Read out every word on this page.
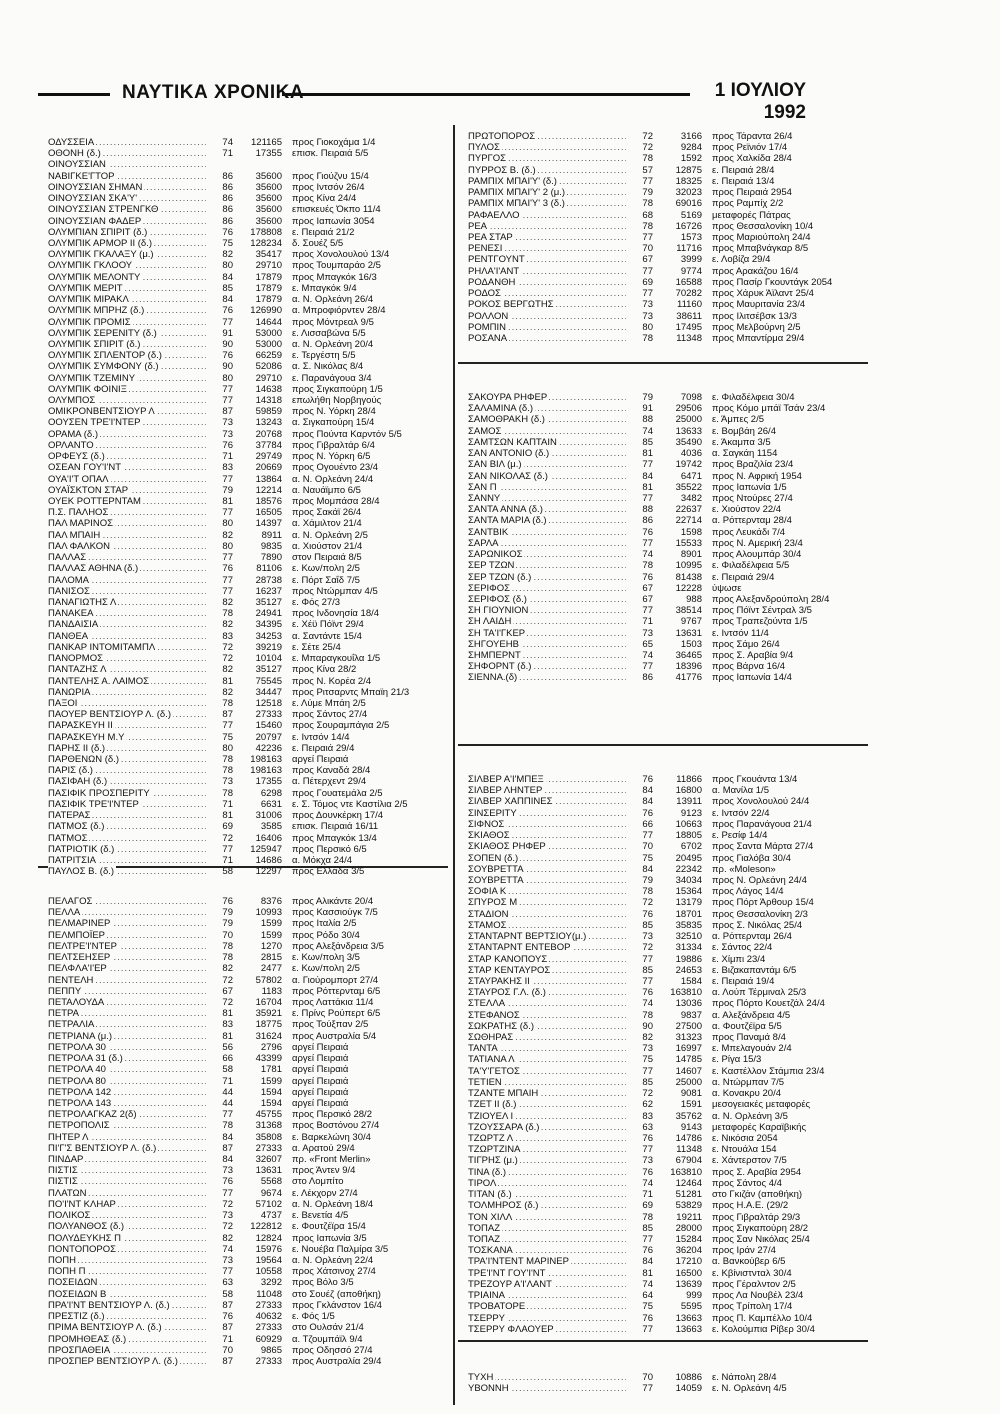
ΝΑΥΤΙΚΑ ΧΡΟΝΙΚΑ	1 ΙΟΥΛΙΟΥ 1992
ΟΔΥΣΣΕΙΑ .....	74	121165 προς Γιοκοχάμα 1/4
ΟΘΟΝΗ (δ.) .....	71	17355 επισκ. Πειραιά 5/5
ΟΙΝΟΥΣΣΙΑΝ .....
ΝΑΒΙΓΚΕ'ΓΤΟΡ .....	86	35600 προς Γιούζνυ 15/4
ΟΙΝΟΥΣΣΙΑΝ ΣΗΜΑΝ .....	86	35600 προς Ιντσόν 26/4
ΟΙΝΟΥΣΣΙΑΝ ΣΚΑ'Υ' .....	86	35600 προς Κίνα 24/4
ΟΙΝΟΥΣΣΙΑΝ ΣΤΡΕΝΓΚΘ .....	86	35600 επισκευές Όκπο 11/4
ΟΙΝΟΥΣΣΙΑΝ ΦΑΔΕΡ .....	86	35600 προς Ιαπωνία 3054
ΟΛΥΜΠΙΑΝ ΣΠΙΡΙΤ (δ.) .....	76	178808 ε. Πειραιά 21/2
ΟΛΥΜΠΙΚ ΑΡΜΟΡ ΙΙ (δ.) .....	75	128234 δ. Σουέζ 5/5
ΟΛΥΜΠΙΚ ΓΚΑΛΑΞΥ (μ.) .....	82	35417 προς Χονολουλού 13/4
ΟΛΥΜΠΙΚ ΓΚΛΟΟΥ .....	80	29710 προς Τουμπαράο 2/5
ΟΛΥΜΠΙΚ ΜΕΛΟΝΤΥ .....	84	17879 προς Μπαγκόκ 16/3
ΟΛΥΜΠΙΚ ΜΕΡΙΤ .....	85	17879 ε. Μπαγκόκ 9/4
ΟΛΥΜΠΙΚ ΜΙΡΑΚΛ .....	84	17879 α. Ν. Ορλεάνη 26/4
ΟΛΥΜΠΙΚ ΜΠΡΗΖ (δ.) .....	76	126990 α. Μπροφιόρντεν 28/4
ΟΛΥΜΠΙΚ ΠΡΟΜΙΣ .....	77	14644 προς Μόντρεαλ 9/5
ΟΛΥΜΠΙΚ ΣΕΡΕΝΙΤΥ (δ.) .....	91	53000 ε. Λισσαβώνα 5/5
ΟΛΥΜΠΙΚ ΣΠΙΡΙΤ (δ.) .....	90	53000 α. Ν. Ορλεάνη 20/4
ΟΛΥΜΠΙΚ ΣΠΛΕΝΤΟΡ (δ.) .....	76	66259 ε. Τεργέστη 5/5
ΟΛΥΜΠΙΚ ΣΥΜΦΟΝΥ (δ.) .....	90	52086 α. Σ. Νικόλας 8/4
ΟΛΥΜΠΙΚ ΤΖΕΜΙΝΥ .....	80	29710 ε. Παρανάγουα 3/4
ΟΛΥΜΠΙΚ ΦΟΙΝΙΞ .....	77	14638 προς Σιγκαπούρη 1/5
ΟΛΥΜΠΟΣ .....	77	14318 επωλήθη Νορβηγούς
ΟΜΙΚΡΟΝΒΕΝΤΣΙΟΥΡ Λ .....	87	59859 προς Ν. Υόρκη 28/4
ΟΟΥΣΕΝ ΤΡΕ'Ι'ΝΤΕΡ .....	73	13243 α. Σιγκαπούρη 15/4
ΟΡΑΜΑ (δ.) .....	73	20768 προς Πούντα Καρντόν 5/5
ΟΡΛΑΝΤΟ .....	76	37784 προς Γιβραλτάρ 6/4
ΟΡΦΕΥΣ (δ.) .....	71	29749 προς Ν. Υόρκη 6/5
ΟΣΕΑΝ ΓΟΥ'Ι'ΝΤ .....	83	20669 προς Ογουέντο 23/4
ΟΥΑ'Ι'Τ ΟΠΑΛ .....	77	13864 α. Ν. Ορλεάνη 24/4
ΟΥΑΪΣΚΤΟΝ ΣΤΑΡ .....	79	12214 α. Ναυάϊμπο 6/5
ΟΥΕΚ ΡΟΤΤΕΡΝΤΑΜ .....	81	18576 προς Μομπάσα 28/4
Π.Σ. ΠΑΛΗΟΣ .....	77	16505 προς Σακάϊ 26/4
ΠΑΛ ΜΑΡΙΝΟΣ .....	80	14397 α. Χάμιλτον 21/4
ΠΑΛ ΜΠΑΙΗ .....	82	8911 α. Ν. Ορλεάνη 2/5
ΠΑΛ ΦΑΛΚΟΝ .....	80	9835 α. Χιούστον 21/4
ΠΑΛΛΑΣ .....	77	7890 στον Πειραιά 8/5
ΠΑΛΛΑΣ ΑΘΗΝΑ (δ.) .....	76	81106 ε. Κων/πολη 2/5
ΠΑΛΟΜΑ .....	77	28738 ε. Πόρτ Σαΐδ 7/5
ΠΑΝΙΣΟΣ .....	77	16237 προς Ντώρμπαν 4/5
ΠΑΝΑΓΙΩΤΗΣ Λ .....	82	35127 ε. Φός 27/3
ΠΑΝΑΚΕΑ .....	78	24941 προς Ινδονησία 18/4
ΠΑΝΔΑΙΣΙΑ .....	82	34395 ε. Χέϋ Πόϊντ 29/4
ΠΑΝΘΕΑ .....	83	34253 α. Σαντάντε 15/4
ΠΑΝΚΑΡ ΙΝΤΟΜΙΤΑΜΠΛ .....	72	39219 ε. Σέτε 25/4
ΠΑΝΟΡΜΟΣ .....	72	10104 ε. Μπαραγκουΐλα 1/5
ΠΑΝΤΑΖΗΣ Λ .....	82	35127 προς Κίνα 28/2
ΠΑΝΤΕΛΗΣ Α. ΛΑΙΜΟΣ .....	81	75545 προς Ν. Κορέα 2/4
ΠΑΝΩΡΙΑ .....	82	34447 προς Ριτσαρντς Μπαϊη 21/3
ΠΑΞΟΙ .....	78	12518 ε. Λύμε Μπάη 2/5
ΠΑΟΥΕΡ ΒΕΝΤΣΙΟΥΡ Λ. (δ.) .....	87	27333 προς Σάντος 27/4
ΠΑΡΑΣΚΕΥΗ ΙΙ .....	77	15460 προς Σουραμπάγια 2/5
ΠΑΡΑΣΚΕΥΗ Μ.Υ .....	75	20797 ε. Ιντσόν 14/4
ΠΑΡΗΣ ΙΙ (δ.) .....	80	42236 ε. Πειραιά 29/4
ΠΑΡΘΕΝΩΝ (δ.) .....	78	198163 αργεί Πειραιά
ΠΑΡΙΣ (δ.) .....	78	198163 προς Καναδά 28/4
ΠΑΣΙΦΑΗ (δ.) .....	73	17355 α. Πέτερχεντ 29/4
ΠΑΣΙΦΙΚ ΠΡΟΣΠΕΡΙΤΥ .....	78	6298 προς Γουατεμάλα 2/5
ΠΑΣΙΦΙΚ ΤΡΕ'Ι'ΝΤΕΡ .....	71	6631 ε. Σ. Τόμος ντε Καστίλια 2/5
ΠΑΤΕΡΑΣ .....	81	31006 προς Δουνκέρκη 17/4
ΠΑΤΜΟΣ (δ.) .....	69	3585 επισκ. Πειραιά 16/11
ΠΑΤΜΟΣ .....	72	16406 προς Μπαγκόκ 13/4
ΠΑΤΡΙΟΤΙΚ (δ.) .....	77	125947 προς Περσικό 6/5
ΠΑΤΡΙΤΣΙΑ .....	71	14686 α. Μόκχα 24/4
ΠΑΥΛΟΣ Β. (δ.) .....	58	12297 προς Ελλάδα 3/5
ΠΕΛΑΓΟΣ .....	76	8376 προς Αλικάντε 20/4
ΠΕΛΛΑ .....	79	10993 προς Κασσιούγκ 7/5
ΠΕΛΜΑΡΙΝΕΡ .....	79	1599 προς Ιταλία 2/5
ΠΕΛΜΠΟΪΕΡ .....	70	1599 προς Ρόδο 30/4
ΠΕΛΤΡΕ'Ι'ΝΤΕΡ .....	78	1270 προς Αλεξάνδρεια 3/5
ΠΕΛΤΣΕΗΣΕΡ .....	78	2815 ε. Κων/πολη 3/5
ΠΕΛΦΛΑ'Ι'ΕΡ .....	82	2477 ε. Κων/πολη 2/5
ΠΕΝΤΕΛΗ .....	72	57802 α. Γιούρομπορτ 27/4
ΠΕΠΠΥ .....	67	1183 προς Ρόττερνταμ 6/5
ΠΕΤΑΛΟΥΔΑ .....	72	16704 προς Λαττάκια 11/4
ΠΕΤΡΑ .....	81	35921 ε. Πρίνς Ρούπερτ 6/5
ΠΕΤΡΑΛΙΑ .....	83	18775 προς Τούξπαν 2/5
ΠΕΤΡΙΑΝΑ (μ.) .....	81	31624 προς Αυστραλία 5/4
ΠΕΤΡΟΛΑ 30 .....	56	2796 αργεί Πειραιά
ΠΕΤΡΟΛΑ 31 (δ.) .....	66	43399 αργεί Πειραιά
ΠΕΤΡΟΛΑ 40 .....	58	1781 αργεί Πειραιά
ΠΕΤΡΟΛΑ 80 .....	71	1599 αργεί Πειραιά
ΠΕΤΡΟΛΑ 142 .....	44	1594 αργεί Πειραιά
ΠΕΤΡΟΛΑ 143 .....	44	1594 αργεί Πειραιά
ΠΕΤΡΟΛΑΓΚΑΖ 2(δ) .....	77	45755 προς Περσικό 28/2
ΠΕΤΡΟΠΟΛΙΣ .....	78	31368 προς Βοστόνου 27/4
ΠΗΤΕΡ Λ .....	84	35808 ε. Βαρκελώνη 30/4
ΠΙ'Γ'Σ ΒΕΝΤΣΙΟΥΡ Λ. (δ.) .....	87	27333 α. Αρατού 29/4
ΠΙΝΔΑΡ .....	84	32607 πρ. «Front Merlin»
ΠΙΣΤΙΣ .....	73	13631 προς Άντεν 9/4
ΠΙΣΤΙΣ .....	76	5568 στο Λομπίτο
ΠΛΑΤΩΝ .....	77	9674 ε. Λέκχορν 27/4
ΠΟ'Ι'ΝΤ ΚΛΗΑΡ .....	72	57102 α. Ν. Ορλεάνη 18/4
ΠΟΛΙΚΟΣ .....	73	4737 ε. Βενετία 4/5
ΠΟΛΥΑΝΘΟΣ (δ.) .....	72	122812 ε. Φουτζέϊρα 15/4
ΠΟΛΥΔΕΥΚΗΣ Π .....	82	12824 προς Ιαπωνία 3/5
ΠΟΝΤΟΠΟΡΟΣ .....	74	15976 ε. Νουέβα Παλμίρα 3/5
ΠΟΠΗ .....	73	19564 α. Ν. Ορλεάνη 22/4
ΠΟΠΗ Π .....	77	10558 προς Χάτσινοχ 27/4
ΠΟΣΕΙΔΩΝ .....	63	3292 προς Βόλο 3/5
ΠΟΣΕΙΔΩΝ Β .....	58	11048 στο Σουέζ (αποθήκη)
ΠΡΑ'Ι'ΝΤ ΒΕΝΤΣΙΟΥΡ Λ. (δ.) .....	87	27333 προς Γκλάνστον 16/4
ΠΡΕΣΤΙΖ (δ.) .....	76	40632 ε. Φός 1/5
ΠΡΙΜΑ ΒΕΝΤΣΙΟΥΡ Λ. (δ.) .....	87	27333 στο Ουλσάν 21/4
ΠΡΟΜΗΘΕΑΣ (δ.) .....	71	60929 α. Τζουμπάϊλ 9/4
ΠΡΟΣΠΑΘΕΙΑ .....	70	9865 προς Οδησσό 27/4
ΠΡΟΣΠΕΡ ΒΕΝΤΣΙΟΥΡ Λ. (δ.) .....	87	27333 προς Αυστραλία 29/4
ΠΡΩΤΟΠΟΡΟΣ .....	72	3166 προς Τάραντα 26/4
ΠΥΛΟΣ .....	72	9284 προς Ρεϊνιόν 17/4
ΠΥΡΓΟΣ .....	78	1592 προς Χαλκίδα 28/4
ΠΥΡΡΟΣ Β. (δ.) .....	57	12875 ε. Πειραιά 28/4
ΡΑΜΠΙΧ ΜΠΑΙ'Υ' (δ.) .....	77	18325 ε. Πειραιά 13/4
ΡΑΜΠΙΧ ΜΠΑΙ'Υ' 2 (μ.) .....	79	32023 προς Πειραιά 2954
ΡΑΜΠΙΧ ΜΠΑΙ'Υ' 3 (δ.) .....	78	69016 προς Ραμπίχ 2/2
ΡΑΦΑΕΛΛΟ .....	68	5169 μεταφορές Πάτρας
ΡΕΑ .....	78	16726 προς Θεσσαλονίκη 10/4
ΡΕΑ ΣΤΑΡ .....	77	1573 προς Μαριούπολη 24/4
ΡΕΝΕΣΙ .....	70	11716 προς Μπαβνάγκαρ 8/5
ΡΕΝΤΓΟΥΝΤ .....	67	3999 ε. Λοβίζα 29/4
ΡΗΛΑ'Ι'ΑΝΤ .....	77	9774 προς Αρακάζου 16/4
ΡΟΔΑΝΘΗ .....	69	16588 προς Πασίρ Γκουντάγκ 2054
ΡΟΔΟΣ .....	77	70282 προς Χάρυκ Άϊλαντ 25/4
ΡΟΚΟΣ ΒΕΡΓΩΤΗΣ .....	73	11160 προς Μαυριτανία 23/4
ΡΟΛΛΟΝ .....	73	38611 προς Ιλιτσέβσκ 13/3
ΡΟΜΠΙΝ .....	80	17495 προς Μελβούρνη 2/5
ΡΟΣΑΝΑ .....	78	11348 προς Μπαντίρμα 29/4
ΣΑΚΟΥΡΑ ΡΗΦΕΡ .....	79	7098 ε. Φιλαδέλφεια 30/4
ΣΑΛΑΜΙΝΑ (δ.) .....	91	29506 προς Κόμο μπάϊ Τσάν 23/4
ΣΑΜΟΘΡΑΚΗ (δ.) .....	88	25000 ε. Άμπες 2/5
ΣΑΜΟΣ .....	74	13633 ε. Βομβάη 26/4
ΣΑΜΤΣΩΝ ΚΑΠΤΑΙΝ .....	85	35490 ε. Άκαμπα 3/5
ΣΑΝ ΑΝΤΟΝΙΟ (δ.) .....	81	4036 α. Σαγκάη 1154
ΣΑΝ ΒΙΛ (μ.) .....	77	19742 προς Βραζιλία 23/4
ΣΑΝ ΝΙΚΟΛΑΣ (δ.) .....	84	6471 προς Ν. Αφρική 1954
ΣΑΝ Π .....	81	35522 προς Ιαπωνία 1/5
ΣΑΝΝΥ .....	77	3482 προς Ντούρες 27/4
ΣΑΝΤΑ ΑΝΝΑ (δ.) .....	88	22637 ε. Χιούστον 22/4
ΣΑΝΤΑ ΜΑΡΙΑ (δ.) .....	86	22714 α. Ρόττερνταμ 28/4
ΣΑΝΤΒΙΚ .....	76	1598 προς Λευκάδι 7/4
ΣΑΡΛΑ .....	77	15533 προς Ν. Αμερική 23/4
ΣΑΡΩΝΙΚΟΣ .....	74	8901 προς Αλουμπάρ 30/4
ΣΕΡ ΤΖΩΝ .....	78	10995 ε. Φιλαδέλφεια 5/5
ΣΕΡ ΤΖΩΝ (δ.) .....	76	81438 ε. Πειραιά 29/4
ΣΕΡΙΦΟΣ .....	67	12228 ύψωσε
ΣΕΡΙΦΟΣ (δ.) .....	67	988 προς Αλεξανδρούπολη 28/4
ΣΗ ΓΙΟΥΝΙΟΝ .....	77	38514 προς Πόϊντ Σέντραλ 3/5
ΣΗ ΛΑΙΔΗ .....	71	9767 προς Τραπεζούντα 1/5
ΣΗ ΤΑ'Ι'ΓΚΕΡ .....	73	13631 ε. Ιντσόν 11/4
ΣΗΓΟΥΕΗΒ .....	65	1503 προς Σάμο 26/4
ΣΗΜΠΕΡΝΤ .....	74	36465 προς Σ. Αραβία 9/4
ΣΗΦΟΡΝΤ (δ.) .....	77	18396 προς Βάρνα 16/4
ΣΙΕΝΝΑ.(δ) .....	86	41776 προς Ιαπωνία 14/4
ΣΙΛΒΕΡ Α'Ι'ΜΠΕΞ .....	76	11866 προς Γκουάντα 13/4
ΣΙΛΒΕΡ ΛΗΝΤΕΡ .....	84	16800 α. Μανίλα 1/5
ΣΙΛΒΕΡ ΧΑΠΠΙΝΕΣ .....	84	13911 προς Χονολουλού 24/4
ΣΙΝΣΕΡΙΤΥ .....	76	9123 ε. Ιντσόν 22/4
ΣΙΦΝΟΣ .....	66	10663 προς Παρανάγουα 21/4
ΣΚΙΑΘΟΣ .....	77	18805 ε. Ρεσίφ 14/4
ΣΚΙΑΘΟΣ ΡΗΦΕΡ .....	70	6702 προς Σαντα Μάρτα 27/4
ΣΟΠΕΝ (δ.) .....	75	20495 προς Γιαλόβα 30/4
ΣΟΥΒΡΕΤΤΑ .....	84	22342 πρ. «Moleson»
ΣΟΥΒΡΕΤΤΑ .....	79	34034 προς Ν. Ορλεάνη 24/4
ΣΟΦΙΑ Κ .....	78	15364 προς Λάγος 14/4
ΣΠΥΡΟΣ Μ .....	72	13179 προς Πόρτ Άρθουρ 15/4
ΣΤΑΔΙΟΝ .....	76	18701 προς Θεσσαλονίκη 2/3
ΣΤΑΜΟΣ .....	85	35835 προς Σ. Νικόλας 25/4
ΣΤΑΝΤΑΡΝΤ ΒΕΡΤΣΙΟΥ(μ.) .....	73	32510 α. Ρόττερνταμ 26/4
ΣΤΑΝΤΑΡΝΤ ΕΝΤΕΒΟΡ .....	72	31334 ε. Σάντος 22/4
ΣΤΑΡ ΚΑΝΟΠΟΥΣ .....	77	19886 ε. Χίμπι 23/4
ΣΤΑΡ ΚΕΝΤΑΥΡΟΣ .....	85	24653 ε. Βιζακαπαντάμ 6/5
ΣΤΑΥΡΑΚΗΣ ΙΙ .....	77	1584 ε. Πειραιά 19/4
ΣΤΑΥΡΟΣ Γ.Λ. (δ.) .....	76	163810 α. Λούπ Τέρμιναλ 25/3
ΣΤΕΛΛΑ .....	74	13036 προς Πόρτο Κουετζάλ 24/4
ΣΤΕΦΑΝΟΣ .....	78	9837 α. Αλεξάνδρεια 4/5
ΣΩΚΡΑΤΗΣ (δ.) .....	90	27500 α. Φουτζέϊρα 5/5
ΣΩΘΗΡΑΣ .....	82	31323 προς Παναμά 8/4
ΤΑΝΤΑ .....	73	16997 ε. Μπελαγουάν 2/4
ΤΑΤΙΑΝΑ Λ .....	75	14785 ε. Ρίγα 15/3
ΤΑ'Υ'ΓΕΤΟΣ .....	77	14607 ε. Καστέλλον Στάμπια 23/4
ΤΕΤΙΕΝ .....	85	25000 α. Ντώρμπαν 7/5
ΤΖΑΝΤΕ ΜΠΑΙΗ .....	72	9081 α. Κονακρυ 20/4
ΤΖΕΤ ΙΙ (δ.) .....	62	1591 μεσογειακές μεταφορές
ΤΖΙΟΥΕΛ Ι .....	83	35762 α. Ν. Ορλεάνη 3/5
ΤΖΟΥΣΣΑΡΑ (δ.) .....	63	9143 μεταφορές Καραϊβικής
ΤΖΩΡΤΖ Λ .....	76	14786 ε. Νικόσια 2054
ΤΖΩΡΤΖΙΝΑ .....	77	11348 ε. Ντουάλα 154
ΤΙΓΡΗΣ (μ.) .....	73	67904 ε. Χάντερστον 7/5
ΤΙΝΑ (δ.) .....	76	163810 προς Σ. Αραβία 2954
ΤΙΡΟΛ .....	74	12464 προς Σάντος 4/4
ΤΙΤΑΝ (δ.) .....	71	51281 στο Γκιζάν (αποθήκη)
ΤΟΛΜΗΡΟΣ (δ.) .....	69	53829 προς Η.Α.Ε. (29/2
ΤΟΝ ΧΙΛΛ .....	78	19211 προς Γιβραλτάρ 29/3
ΤΟΠΑΖ .....	85	28000 προς Σιγκαπούρη 28/2
ΤΟΠΑΖ .....	77	15284 προς Σαν Νικόλας 25/4
ΤΟΣΚΑΝΑ .....	76	36204 προς Ιράν 27/4
ΤΡΑ'Ι'ΝΤΕΝΤ ΜΑΡΙΝΕΡ .....	84	17210 α. Βανκούβερ 6/5
ΤΡΕ'Ι'ΝΤ ΓΟΥ'Ι'ΝΤ .....	81	16500 ε. Κβίνιστνταλ 30/4
ΤΡΕΖΟΥΡ Α'Ι'ΛΑΝΤ .....	74	13639 προς Γέραλντον 2/5
ΤΡΙΑΙΝΑ .....	64	999 προς Λα Νουβέλ 23/4
ΤΡΟΒΑΤΟΡΕ .....	75	5595 προς Τρίπολη 17/4
ΤΣΕΡΡΥ .....	76	13663 προς Π. Καμπέλλο 10/4
ΤΣΕΡΡΥ ΦΛΑΟΥΕΡ .....	77	13663 ε. Κολούμπια Ρίβερ 30/4
ΤΥΧΗ .....	70	10886 ε. Νάπολη 28/4
ΥΒΟΝΝΗ .....	77	14059 ε. Ν. Ορλεάνη 4/5
